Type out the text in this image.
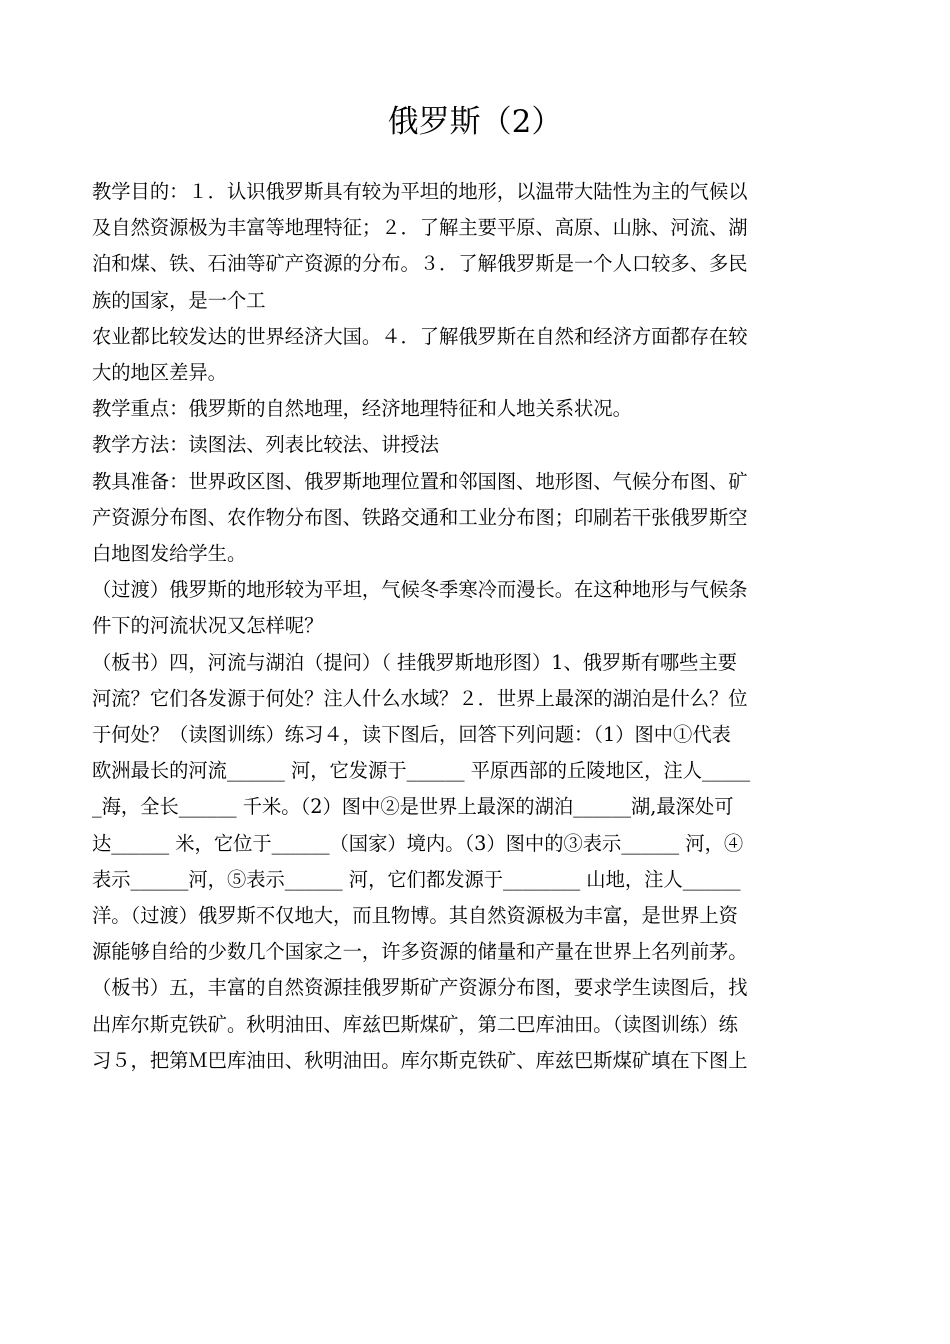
俄罗斯（2）

教学目的：１．认识俄罗斯具有较为平坦的地形，以温带大陆性为主的气候以

及自然资源极为丰富等地理特征；２．了解主要平原、高原、山脉、河流、湖

泊和煤、铁、石油等矿产资源的分布。３．了解俄罗斯是一个人口较多、多民

族的国家，是一个工

农业都比较发达的世界经济大国。４．了解俄罗斯在自然和经济方面都存在较

大的地区差异。

教学重点：俄罗斯的自然地理，经济地理特征和人地关系状况。

教学方法：读图法、列表比较法、讲授法

教具准备：世界政区图、俄罗斯地理位置和邻国图、地形图、气候分布图、矿

产资源分布图、农作物分布图、铁路交通和工业分布图；印刷若干张俄罗斯空

白地图发给学生。

（过渡）俄罗斯的地形较为平坦，气候冬季寒冷而漫长。在这种地形与气候条

件下的河流状况又怎样呢？

（板书）四，河流与湖泊（提问）（ 挂俄罗斯地形图）1、俄罗斯有哪些主要

河流？它们各发源于何处？注人什么水域？２．世界上最深的湖泊是什么？位

于何处？（读图训练）练习４，读下图后，回答下列问题：（1）图中①代表

欧洲最长的河流______ 河，它发源于______ 平原西部的丘陵地区，注人_____

_海，全长______ 千米。（2）图中②是世界上最深的湖泊______湖,最深处可

达______ 米，它位于______（国家）境内。（3）图中的③表示______ 河，④

表示______河，⑤表示______ 河，它们都发源于________ 山地，注人______

洋。（过渡）俄罗斯不仅地大，而且物博。其自然资源极为丰富，是世界上资

源能够自给的少数几个国家之一，许多资源的储量和产量在世界上名列前茅。

（板书）五，丰富的自然资源挂俄罗斯矿产资源分布图，要求学生读图后，找

出库尔斯克铁矿。秋明油田、库兹巴斯煤矿，第二巴库油田。（读图训练）练

习５，把第Ｍ巴库油田、秋明油田。库尔斯克铁矿、库兹巴斯煤矿填在下图上
